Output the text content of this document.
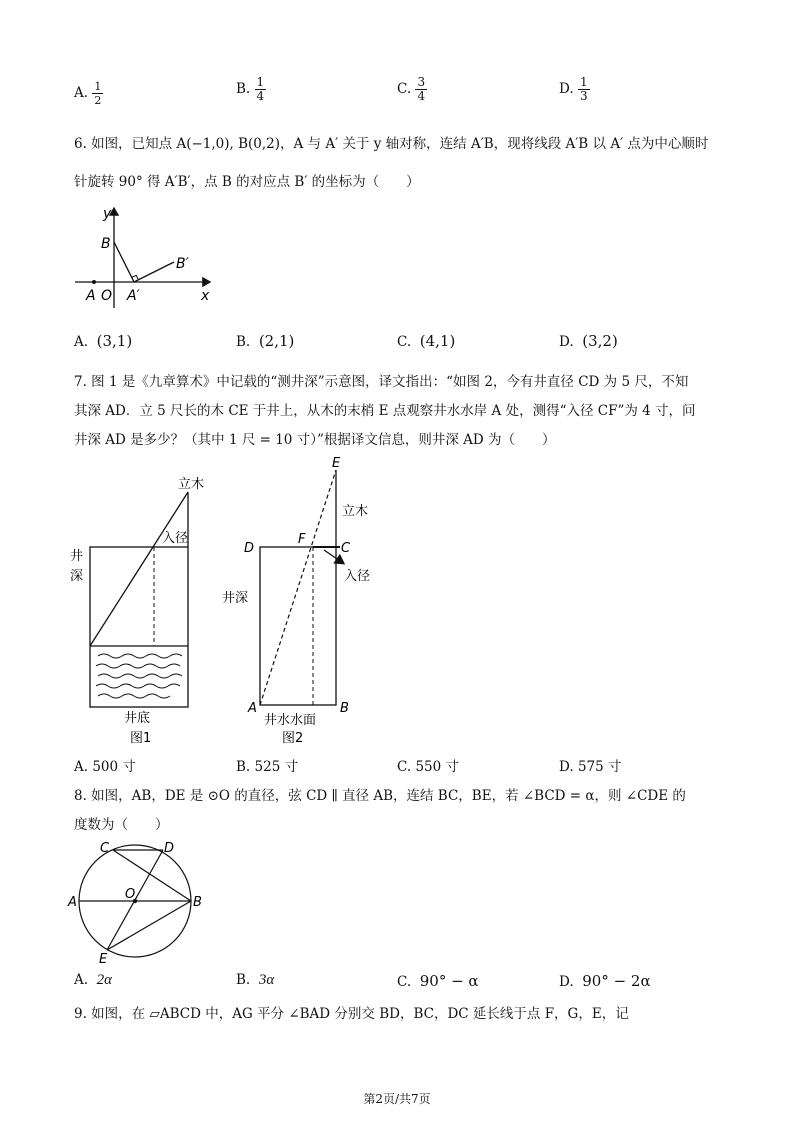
A. $\frac{1}{2}$	B. $\frac{1}{4}$	C. $\frac{3}{4}$	D. $\frac{1}{3}$
6. 如图，已知点 A(−1,0), B(0,2)，A 与 A′ 关于 y 轴对称，连结 A′B，现将线段 A′B 以 A′ 点为中心顺时
针旋转 90° 得 A′B′，点 B 的对应点 B′ 的坐标为（　　）
y
x
B
B′
A O A′
A. (3,1)	B. (2,1)	C. (4,1)	D. (3,2)
7. 图 1 是《九章算术》中记载的“测井深”示意图，译文指出：“如图 2，今有井直径 CD 为 5 尺，不知
其深 AD．立 5 尺长的木 CE 于井上，从木的末梢 E 点观察井水水岸 A 处，测得“入径 CF”为 4 寸，问
井深 AD 是多少？（其中 1 尺 = 10 寸）”根据译文信息，则井深 AD 为（　　）
立木
入径
井
深
井底
图1
E
立木
D
F
C
入径
井深
A	B
井水水面
图2
A. 500 寸	B. 525 寸	C. 550 寸	D. 575 寸
8. 如图，AB，DE 是 ⊙O 的直径，弦 CD ∥ 直径 AB，连结 BC，BE，若 ∠BCD = α，则 ∠CDE 的
度数为（　　）
C	D
A
O
B
E
A. 2α	B. 3α	C. 90° − α	D. 90° − 2α
9. 如图，在 ▱ABCD 中，AG 平分 ∠BAD 分别交 BD，BC，DC 延长线于点 F，G，E，记
第2页/共7页
